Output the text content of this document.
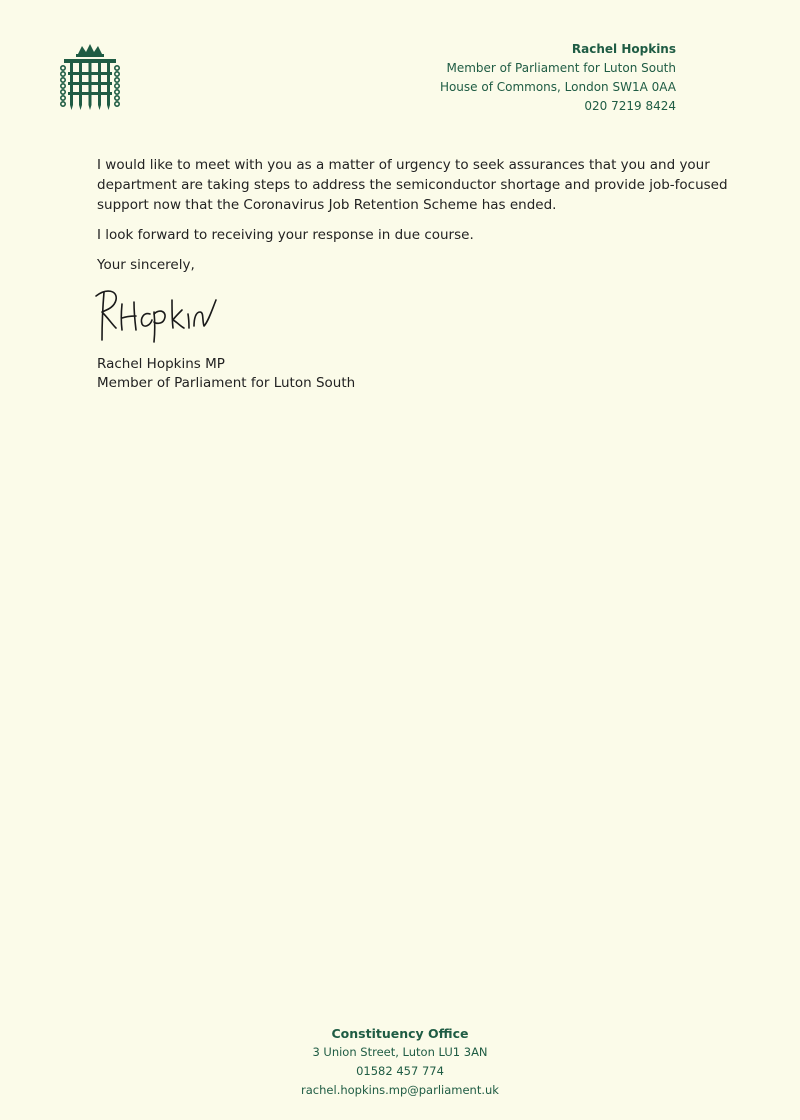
Rachel Hopkins
Member of Parliament for Luton South
House of Commons, London SW1A 0AA
020 7219 8424

I would like to meet with you as a matter of urgency to seek assurances that you and your department are taking steps to address the semiconductor shortage and provide job-focused support now that the Coronavirus Job Retention Scheme has ended.

I look forward to receiving your response in due course.

Your sincerely,

Rachel Hopkins MP
Member of Parliament for Luton South
Constituency Office
3 Union Street, Luton LU1 3AN
01582 457 774
rachel.hopkins.mp@parliament.uk
